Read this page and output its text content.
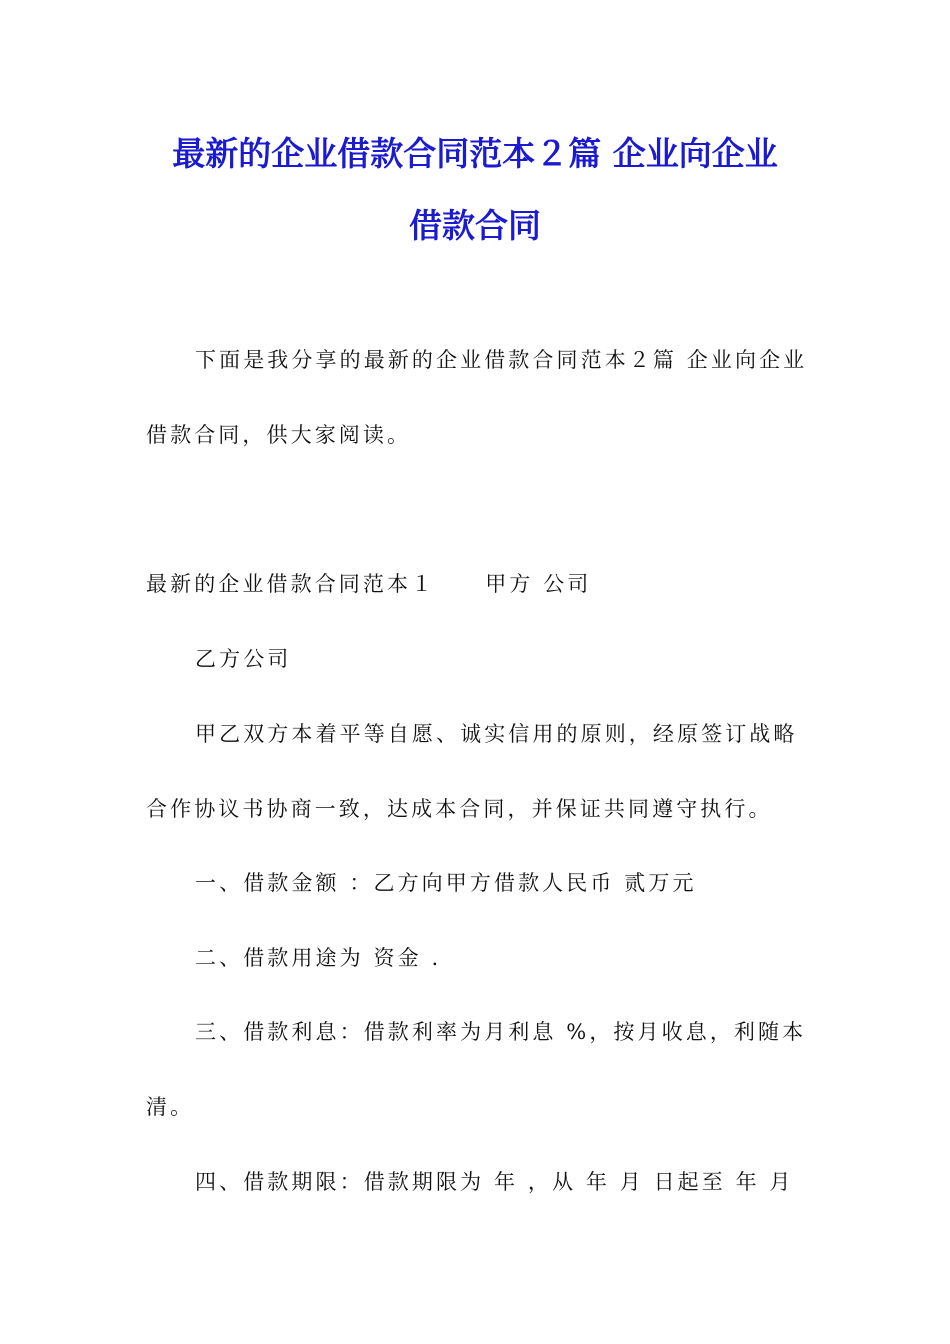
最新的企业借款合同范本２篇 企业向企业
借款合同
下面是我分享的最新的企业借款合同范本２篇 企业向企业
借款合同，供大家阅读。
最新的企业借款合同范本１ 甲方 公司
乙方公司
甲乙双方本着平等自愿、诚实信用的原则，经原签订战略
合作协议书协商一致，达成本合同，并保证共同遵守执行。
一、借款金额 ：乙方向甲方借款人民币 贰万元
二、借款用途为 资金 .
三、借款利息：借款利率为月利息 %，按月收息，利随本
清。
四、借款期限：借款期限为 年 ，从 年 月 日起至 年 月
